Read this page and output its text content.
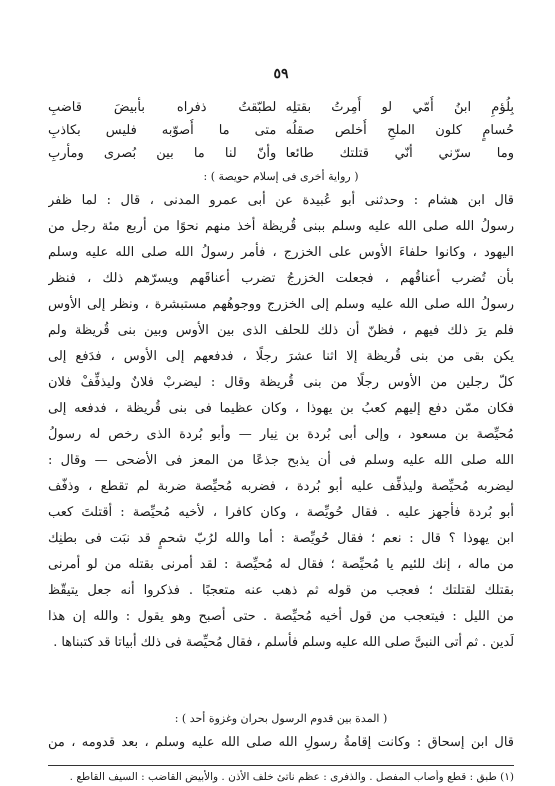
٥٩
بِلُؤمِ ابنُ أُمّي لو أُمِرتُ بقتلِه
لطبّقتُ ذفراه بأبيضَ قاضبِ
حُسامٍ كلون الملحِ أُخلص صقلُه
متى ما أُصوّبه فليس بكاذبِ
وما سرّني أنّي قتلتك طائعا
وأنّ لنا ما بين بُصرى ومأربِ
( رواية أخرى فى إسلام حويصة ) :
قال ابن هشام : وحدثنى أبو عُبيدة عن أبى عمرو المدنى ، قال : لما ظفر
رسولُ الله صلى الله عليه وسلم ببنى قُريظة أخذ منهم نحوًا من أربع مئة رجل من
اليهود ، وكانوا حلفاءَ الأوس على الخزرج ، فأمر رسولُ الله صلى الله عليه وسلم
بأن تُضرب أعناقُهم ، فجعلت الخزرجُ تضرب أعناقَهم ويسرّهم ذلك ، فنظر
رسولُ الله صلى الله عليه وسلم إلى الخزرج ووجوهُهم مستبشرة ، ونظر إلى الأوس
فلم يرَ ذلك فيهم ، فظنّ أن ذلك للحلف الذى بين الأوس وبين بنى قُريظة ولم
يكن بقى من بنى قُريظة إلا اثنا عشرَ رجلًا ، فدفعهم إلى الأوس ، فدَفع إلى
كلّ رجلين من الأوس رجلًا من بنى قُريظة وقال : ليضربْ فلانٌ وليذفِّفْ فلان
فكان ممّن دفع إليهم كعبُ بن يهوذا ، وكان عظيما فى بنى قُريظة ، فدفعه إلى
مُحيِّصة بن مسعود ، وإلى أبى بُردة بن نِيار — وأبو بُردة الذى رخص له رسولُ
الله صلى الله عليه وسلم فى أن يذبح جذعًا من المعز فى الأضحى — وقال :
ليضربه مُحيِّصة وليذفِّف عليه أبو بُردة ، فضربه مُحيِّصة ضربة لم تقطع ، وذفّف
أبو بُردة فأجهز عليه . فقال حُويِّصة ، وكان كافرا ، لأخيه مُحيِّصة : أقتلتَ كعب
ابن يهوذا ؟ قال : نعم ؛ فقال حُويِّصة : أما والله لرُبّ شحمٍ قد نبَت فى بطنِك
من ماله ، إنك للئيم يا مُحيِّصة ؛ فقال له مُحيِّصة : لقد أمرنى بقتله من لو أمرنى
بقتلك لقتلتك ؛ فعجب من قوله ثم ذهب عنه متعجبًا . فذكروا أنه جعل يتيقّظ
من الليل : فيتعجب من قول أخيه مُحيِّصة . حتى أصبح وهو يقول : والله إن هذا
لَدين . ثم أتى النبىَّ صلى الله عليه وسلم فأسلم ، فقال مُحيِّصة فى ذلك أبياتا قد كتبناها .
( المدة بين قدوم الرسول بحران وغزوة أحد ) :
قال ابن إسحاق : وكانت إقامةُ رسولِ الله صلى الله عليه وسلم ، بعد قدومه ، من
(١) طبق : قطع وأصاب المفصل . والذفرى : عظم ناتئ خلف الأذن . والأبيض القاضب : السيف القاطع .
